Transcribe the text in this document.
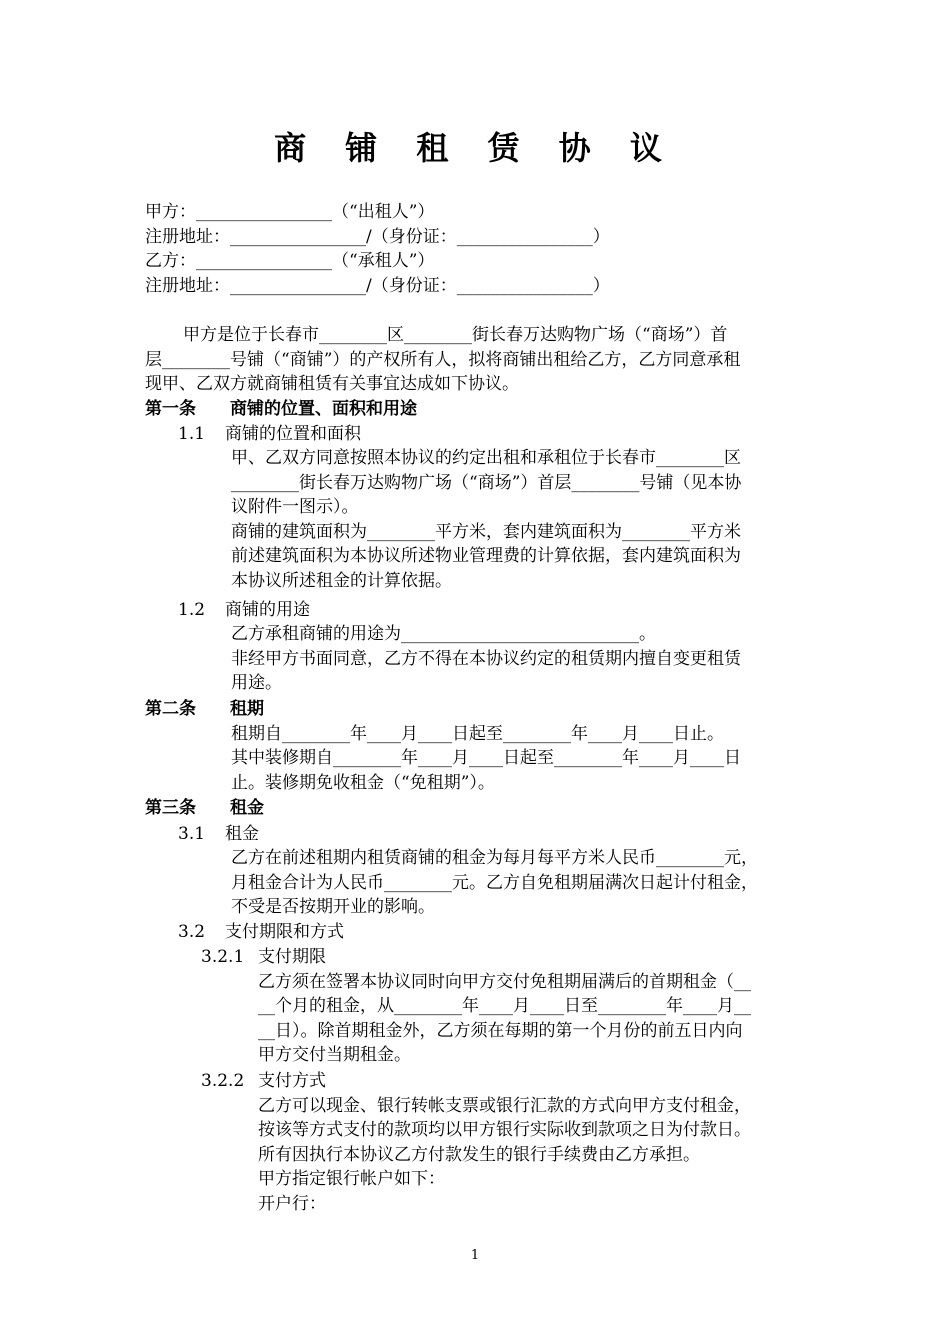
商 铺 租 赁 协 议
甲方：________________（“出租人”）
注册地址：________________/（身份证：________________）
乙方：________________（“承租人”）
注册地址：________________/（身份证：________________）
甲方是位于长春市________区________街长春万达购物广场（“商场”）首
层________号铺（“商铺”）的产权所有人，拟将商铺出租给乙方，乙方同意承租
现甲、乙双方就商铺租赁有关事宜达成如下协议。
第一条 商铺的位置、面积和用途
1.1 商铺的位置和面积
甲、乙双方同意按照本协议的约定出租和承租位于长春市________区
________街长春万达购物广场（“商场”）首层________号铺（见本协
议附件一图示）。
商铺的建筑面积为________平方米，套内建筑面积为________平方米
前述建筑面积为本协议所述物业管理费的计算依据，套内建筑面积为
本协议所述租金的计算依据。
1.2 商铺的用途
乙方承租商铺的用途为____________________________。
非经甲方书面同意，乙方不得在本协议约定的租赁期内擅自变更租赁
用途。
第二条 租期
租期自________年____月____日起至________年____月____日止。
其中装修期自________年____月____日起至________年____月____日
止。装修期免收租金（“免租期”）。
第三条 租金
3.1 租金
乙方在前述租期内租赁商铺的租金为每月每平方米人民币________元，
月租金合计为人民币________元。乙方自免租期届满次日起计付租金，
不受是否按期开业的影响。
3.2 支付期限和方式
3.2.1 支付期限
乙方须在签署本协议同时向甲方交付免租期届满后的首期租金（__
__个月的租金，从________年____月____日至________年____月__
__日）。除首期租金外，乙方须在每期的第一个月份的前五日内向
甲方交付当期租金。
3.2.2 支付方式
乙方可以现金、银行转帐支票或银行汇款的方式向甲方支付租金，
按该等方式支付的款项均以甲方银行实际收到款项之日为付款日。
所有因执行本协议乙方付款发生的银行手续费由乙方承担。
甲方指定银行帐户如下：
开户行：
1
